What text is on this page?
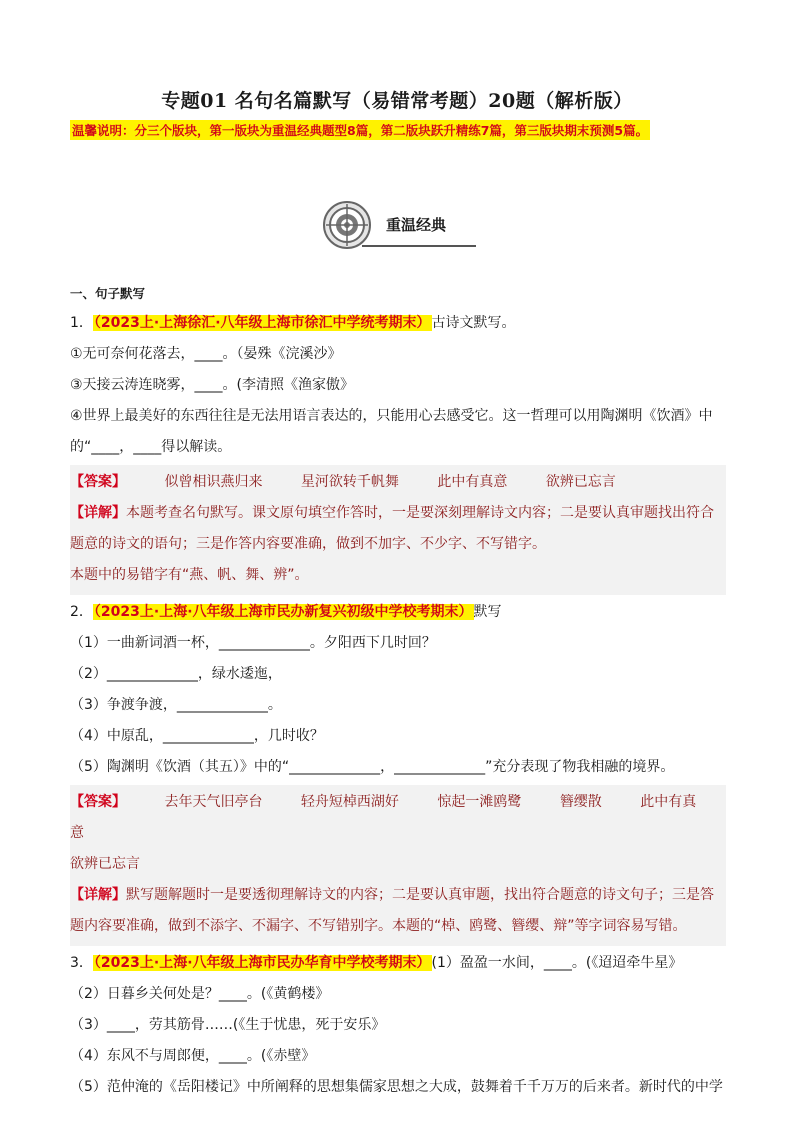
专题01 名句名篇默写（易错常考题）20题（解析版）
温馨说明：分三个版块，第一版块为重温经典题型8篇，第二版块跃升精练7篇，第三版块期末预测5篇。
重温经典
一、句子默写
1．（2023上·上海徐汇·八年级上海市徐汇中学统考期末）古诗文默写。
①无可奈何花落去，____。（晏殊《浣溪沙》
③天接云涛连晓雾，____。(李清照《渔家傲》
④世界上最美好的东西往往是无法用语言表达的，只能用心去感受它。这一哲理可以用陶渊明《饮酒》中
的“____，____得以解读。
【答案】	似曾相识燕归来	星河欲转千帆舞	此中有真意	欲辨已忘言
【详解】本题考查名句默写。课文原句填空作答时，一是要深刻理解诗文内容；二是要认真审题找出符合题意的诗文的语句；三是作答内容要准确，做到不加字、不少字、不写错字。
本题中的易错字有“燕、帆、舞、辨”。
2．（2023上·上海·八年级上海市民办新复兴初级中学校考期末）默写
（1）一曲新词酒一杯，_____________。夕阳西下几时回？
（2）_____________，绿水逶迤，
（3）争渡争渡，_____________。
（4）中原乱，_____________，几时收？
（5）陶渊明《饮酒（其五）》中的“_____________，_____________”充分表现了物我相融的境界。
【答案】	去年天气旧亭台	轻舟短棹西湖好	惊起一滩鸥鹭	簪缨散	此中有真意
欲辨已忘言
【详解】默写题解题时一是要透彻理解诗文的内容；二是要认真审题，找出符合题意的诗文句子；三是答题内容要准确，做到不添字、不漏字、不写错别字。本题的“棹、鸥鹭、簪缨、辩”等字词容易写错。
3．（2023上·上海·八年级上海市民办华育中学校考期末）(1）盈盈一水间，____。(《迢迢牵牛星》
（2）日暮乡关何处是？____。(《黄鹤楼》
（3）____，劳其筋骨……(《生于忧患，死于安乐》
（4）东风不与周郎便，____。(《赤壁》
（5）范仲淹的《岳阳楼记》中所阐释的思想集儒家思想之大成，鼓舞着千千万万的后来者。新时代的中学
